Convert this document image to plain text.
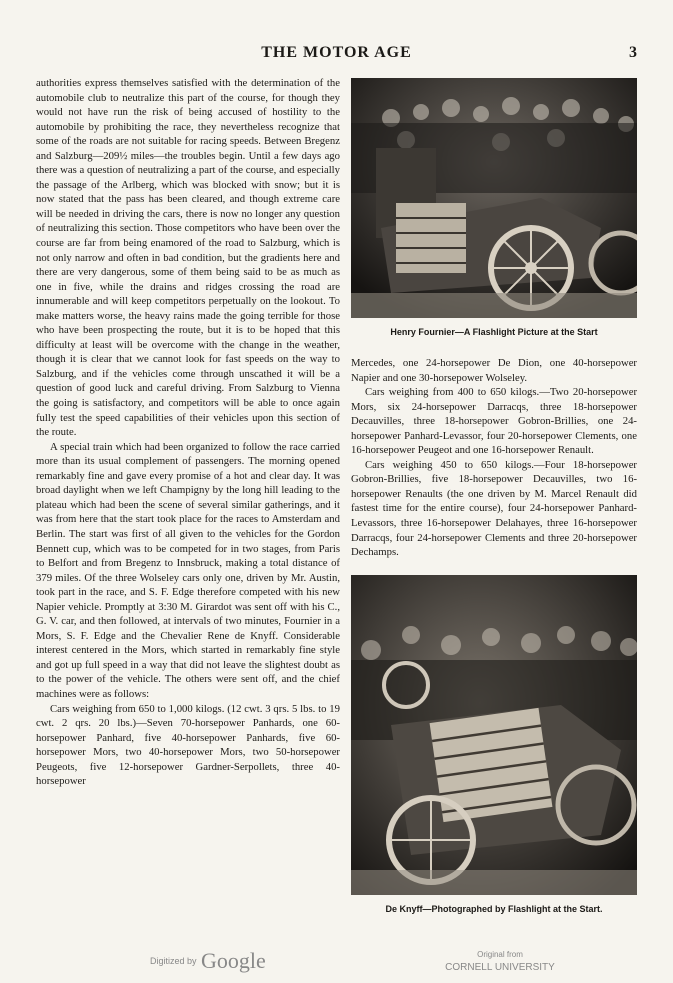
THE MOTOR AGE	3

authorities express themselves satisfied with the determination of the automobile club to neutralize this part of the course, for though they would not have run the risk of being accused of hostility to the automobile by prohibiting the race, they nevertheless recognize that some of the roads are not suitable for racing speeds. Between Bregenz and Salzburg—209½ miles—the troubles begin. Until a few days ago there was a question of neutralizing a part of the course, and especially the passage of the Arlberg, which was blocked with snow; but it is now stated that the pass has been cleared, and though extreme care will be needed in driving the cars, there is now no longer any question of neutralizing this section. Those competitors who have been over the course are far from being enamored of the road to Salzburg, which is not only narrow and often in bad condition, but the gradients here and there are very dangerous, some of them being said to be as much as one in five, while the drains and ridges crossing the road are innumerable and will keep competitors perpetually on the lookout. To make matters worse, the heavy rains made the going terrible for those who have been prospecting the route, but it is to be hoped that this difficulty at least will be overcome with the change in the weather, though it is clear that we cannot look for fast speeds on the way to Salzburg, and if the vehicles come through unscathed it will be a question of good luck and careful driving. From Salzburg to Vienna the going is satisfactory, and competitors will be able to once again fully test the speed capabilities of their vehicles upon this section of the route.

A special train which had been organized to follow the race carried more than its usual complement of passengers. The morning opened remarkably fine and gave every promise of a hot and clear day. It was broad daylight when we left Champigny by the long hill leading to the plateau which had been the scene of several similar gatherings, and it was from here that the start took place for the races to Amsterdam and Berlin. The start was first of all given to the vehicles for the Gordon Bennett cup, which was to be competed for in two stages, from Paris to Belfort and from Bregenz to Innsbruck, making a total distance of 379 miles. Of the three Wolseley cars only one, driven by Mr. Austin, took part in the race, and S. F. Edge therefore competed with his new Napier vehicle. Promptly at 3:30 M. Girardot was sent off with his C., G. V. car, and then followed, at intervals of two minutes, Fournier in a Mors, S. F. Edge and the Chevalier Rene de Knyff. Considerable interest centered in the Mors, which started in remarkably fine style and got up full speed in a way that did not leave the slightest doubt as to the power of the vehicle. The others were sent off, and the chief machines were as follows:

Cars weighing from 650 to 1,000 kilogs. (12 cwt. 3 qrs. 5 lbs. to 19 cwt. 2 qrs. 20 lbs.)—Seven 70-horsepower Panhards, one 60-horsepower Panhard, five 40-horsepower Panhards, five 60-horsepower Mors, two 40-horsepower Mors, two 50-horsepower Peugeots, five 12-horsepower Gardner-Serpollets, three 40-horsepower

Henry Fournier—A Flashlight Picture at the Start

Mercedes, one 24-horsepower De Dion, one 40-horsepower Napier and one 30-horsepower Wolseley.

Cars weighing from 400 to 650 kilogs.—Two 20-horsepower Mors, six 24-horsepower Darracqs, three 18-horsepower Decauvilles, three 18-horsepower Gobron-Brillies, one 24-horsepower Panhard-Levassor, four 20-horsepower Clements, one 16-horsepower Peugeot and one 16-horsepower Renault.

Cars weighing 450 to 650 kilogs.—Four 18-horsepower Gobron-Brillies, five 18-horsepower Decauvilles, two 16-horsepower Renaults (the one driven by M. Marcel Renault did fastest time for the entire course), four 24-horsepower Panhard-Levassors, three 16-horsepower Delahayes, three 16-horsepower Darracqs, four 24-horsepower Clements and three 20-horsepower Dechamps.

De Knyff—Photographed by Flashlight at the Start.
Digitized by Google	Original from
CORNELL UNIVERSITY
